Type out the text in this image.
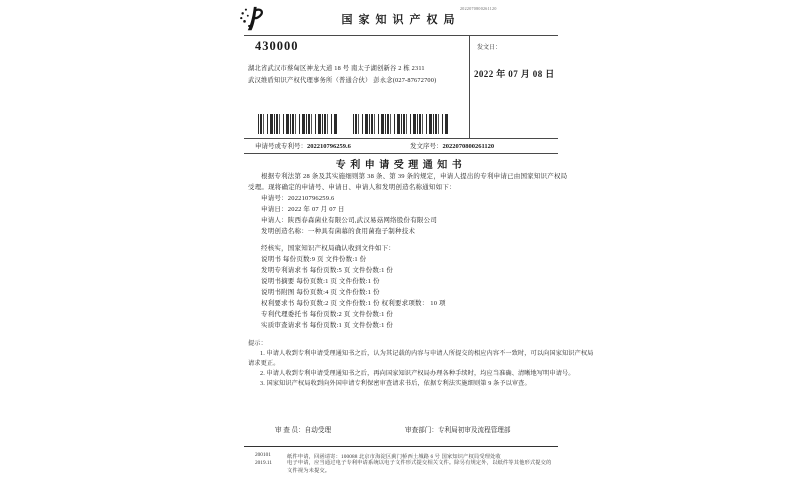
国家知识产权局
2022070800261120
430000
湖北省武汉市蔡甸区神龙大道 18 号 南太子湖创新谷 2 栋 2311
武汉维盾知识产权代理事务所（普通合伙） 彭永念(027-87672700)
发文日：
2022 年 07 月 08 日
申请号或专利号：202210796259.6	发文序号：2022070800261120
专利申请受理通知书
根据专利法第 28 条及其实施细则第 38 条、第 39 条的规定，申请人提出的专利申请已由国家知识产权局
受理。现将确定的申请号、申请日、申请人和发明创造名称通知如下：
申请号：202210796259.6
申请日：2022 年 07 月 07 日
申请人：陕西春森菌业有限公司,武汉易菇网络股份有限公司
发明创造名称：一种具有菌幕的食用菌孢子制种技术
经核实，国家知识产权局确认收到文件如下：
说明书 每份页数:9 页 文件份数:1 份
发明专利请求书 每份页数:5 页 文件份数:1 份
说明书摘要 每份页数:1 页 文件份数:1 份
说明书附图 每份页数:4 页 文件份数:1 份
权利要求书 每份页数:2 页 文件份数:1 份 权利要求项数： 10 项
专利代理委托书 每份页数:2 页 文件份数:1 份
实质审查请求书 每份页数:1 页 文件份数:1 份
提示：
1. 申请人收到专利申请受理通知书之后，认为其记载的内容与申请人所提交的相应内容不一致时，可以向国家知识产权局
请求更正。
2. 申请人收到专利申请受理通知书之后，再向国家知识产权局办理各种手续时，均应当准确、清晰地写明申请号。
3. 国家知识产权局收到向外国申请专利保密审查请求书后，依据专利法实施细则第 9 条予以审查。
审 查 员：自动受理	审查部门：专利局初审及流程管理部
200101	纸件申请，回函请寄：100088 北京市海淀区蓟门桥西土城路 6 号 国家知识产权局受理处收
2019.11	电子申请，应当通过电子专利申请系统以电子文件形式提交相关文件。除另有规定外，以纸件等其他形式提交的
文件视为未提交。
